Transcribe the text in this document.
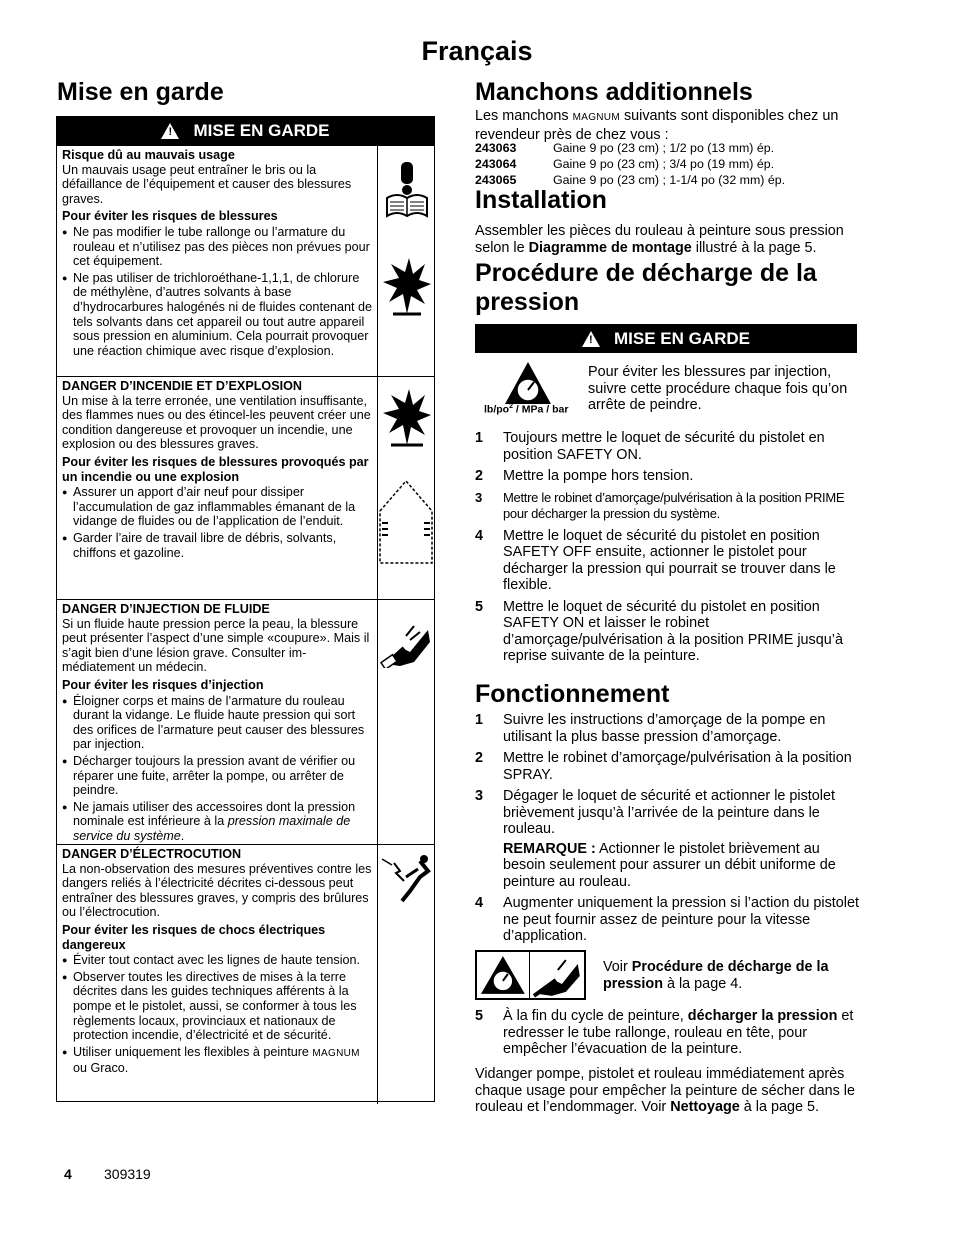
Français
Mise en garde
! MISE EN GARDE
Risque dû au mauvais usage
Un mauvais usage peut entraîner le bris ou la défaillance de l’équipement et causer des blessures graves.
Pour éviter les risques de blessures
● Ne pas modifier le tube rallonge ou l’armature du rouleau et n’utilisez pas des pièces non prévues pour cet équipement.
● Ne pas utiliser de trichloroéthane-1,1,1, de chlorure de méthylène, d’autres solvants à base d’hydrocarbures halogénés ni de fluides contenant de tels solvants dans cet appareil ou tout autre appareil sous pression en aluminium. Cela pourrait provoquer une réaction chimique avec risque d’explosion.
DANGER D’INCENDIE ET D’EXPLOSION
Un mise à la terre erronée, une ventilation insuffisante, des flammes nues ou des étincel-les peuvent créer une condition dangereuse et provoquer un incendie, une explosion ou des blessures graves.
Pour éviter les risques de blessures provoqués par un incendie ou une explosion
● Assurer un apport d’air neuf pour dissiper l’accumulation de gaz inflammables émanant de la vidange de fluides ou de l’application de l’enduit.
● Garder l’aire de travail libre de débris, solvants, chiffons et gazoline.
DANGER D’INJECTION DE FLUIDE
Si un fluide haute pression perce la peau, la blessure peut présenter l’aspect d’une simple «coupure». Mais il s’agit bien d’une lésion grave. Consulter im-médiatement un médecin.
Pour éviter les risques d’injection
● Éloigner corps et mains de l’armature du rouleau durant la vidange. Le fluide haute pression qui sort des orifices de l’armature peut causer des blessures par injection.
● Décharger toujours la pression avant de vérifier ou réparer une fuite, arrêter la pompe, ou arrêter de peindre.
● Ne jamais utiliser des accessoires dont la pression nominale est inférieure à la pression maximale de service du système.
DANGER D’ÉLECTROCUTION
La non-observation des mesures préventives contre les dangers reliés à l’électricité décrites ci-dessous peut entraîner des blessures graves, y compris des brûlures ou l’électrocution.
Pour éviter les risques de chocs électriques dangereux
● Éviter tout contact avec les lignes de haute tension.
● Observer toutes les directives de mises à la terre décrites dans les guides techniques afférents à la pompe et le pistolet, aussi, se conformer à tous les règlements locaux, provinciaux et nationaux de protection incendie, d’électricité et de sécurité.
● Utiliser uniquement les flexibles à peinture MAGNUM ou Graco.
Manchons additionnels
Les manchons MAGNUM suivants sont disponibles chez un revendeur près de chez vous :
243063	Gaine 9 po (23 cm) ; 1/2 po (13 mm) ép.
243064	Gaine 9 po (23 cm) ; 3/4 po (19 mm) ép.
243065	Gaine 9 po (23 cm) ; 1-1/4 po (32 mm) ép.
Installation
Assembler les pièces du rouleau à peinture sous pression selon le Diagramme de montage illustré à la page 5.
Procédure de décharge de la pression
! MISE EN GARDE
$lb/po^2$ / MPa / bar
Pour éviter les blessures par injection, suivre cette procédure chaque fois qu’on arrête de peindre.
1 Toujours mettre le loquet de sécurité du pistolet en position SAFETY ON.
2 Mettre la pompe hors tension.
3 Mettre le robinet d’amorçage/pulvérisation à la position PRIME pour décharger la pression du système.
4 Mettre le loquet de sécurité du pistolet en position SAFETY OFF ensuite, actionner le pistolet pour décharger la pression qui pourrait se trouver dans le flexible.
5 Mettre le loquet de sécurité du pistolet en position SAFETY ON et laisser le robinet d’amorçage/pulvérisation à la position PRIME jusqu’à reprise suivante de la peinture.
Fonctionnement
1 Suivre les instructions d’amorçage de la pompe en utilisant la plus basse pression d’amorçage.
2 Mettre le robinet d’amorçage/pulvérisation à la position SPRAY.
3 Dégager le loquet de sécurité et actionner le pistolet brièvement jusqu’à l’arrivée de la peinture dans le rouleau.
REMARQUE : Actionner le pistolet brièvement au besoin seulement pour assurer un débit uniforme de peinture au rouleau.
4 Augmenter uniquement la pression si l’action du pistolet ne peut fournir assez de peinture pour la vitesse d’application.
Voir Procédure de décharge de la pression à la page 4.
5 À la fin du cycle de peinture, décharger la pression et redresser le tube rallonge, rouleau en tête, pour empêcher l’évacuation de la peinture.
Vidanger pompe, pistolet et rouleau immédiatement après chaque usage pour empêcher la peinture de sécher dans le rouleau et l’endommager. Voir Nettoyage à la page 5.
4 309319
